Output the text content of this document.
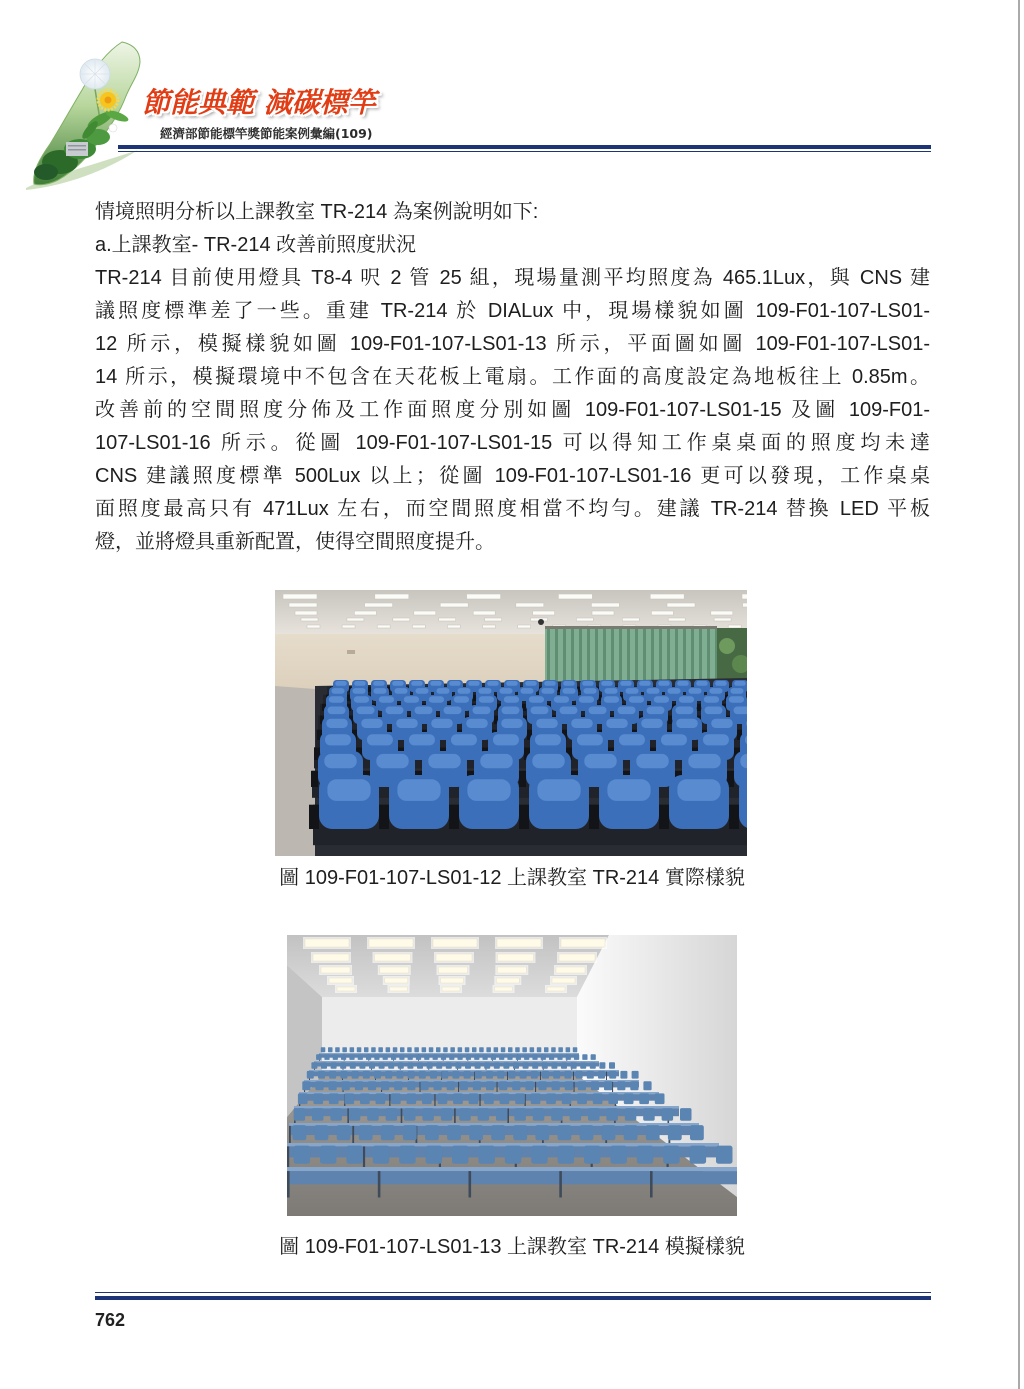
節能典範 減碳標竿
經濟部節能標竿獎節能案例彙編(109)
情境照明分析以上課教室 TR-214 為案例說明如下:
a.上課教室- TR-214 改善前照度狀況
TR-214 目前使用燈具 T8-4 呎 2 管 25 組，現場量測平均照度為 465.1Lux，與 CNS 建
議照度標準差了一些。重建 TR-214 於 DIALux 中，現場樣貌如圖 109-F01-107-LS01-
12 所示，模擬樣貌如圖 109-F01-107-LS01-13 所示，平面圖如圖 109-F01-107-LS01-
14 所示，模擬環境中不包含在天花板上電扇。工作面的高度設定為地板往上 0.85m。
改善前的空間照度分佈及工作面照度分別如圖 109-F01-107-LS01-15 及圖 109-F01-
107-LS01-16 所示。從圖 109-F01-107-LS01-15 可以得知工作桌桌面的照度均未達
CNS 建議照度標準 500Lux 以上；從圖 109-F01-107-LS01-16 更可以發現，工作桌桌
面照度最高只有 471Lux 左右，而空間照度相當不均勻。建議 TR-214 替換 LED 平板
燈，並將燈具重新配置，使得空間照度提升。
圖 109-F01-107-LS01-12 上課教室 TR-214 實際樣貌
圖 109-F01-107-LS01-13 上課教室 TR-214 模擬樣貌
762
